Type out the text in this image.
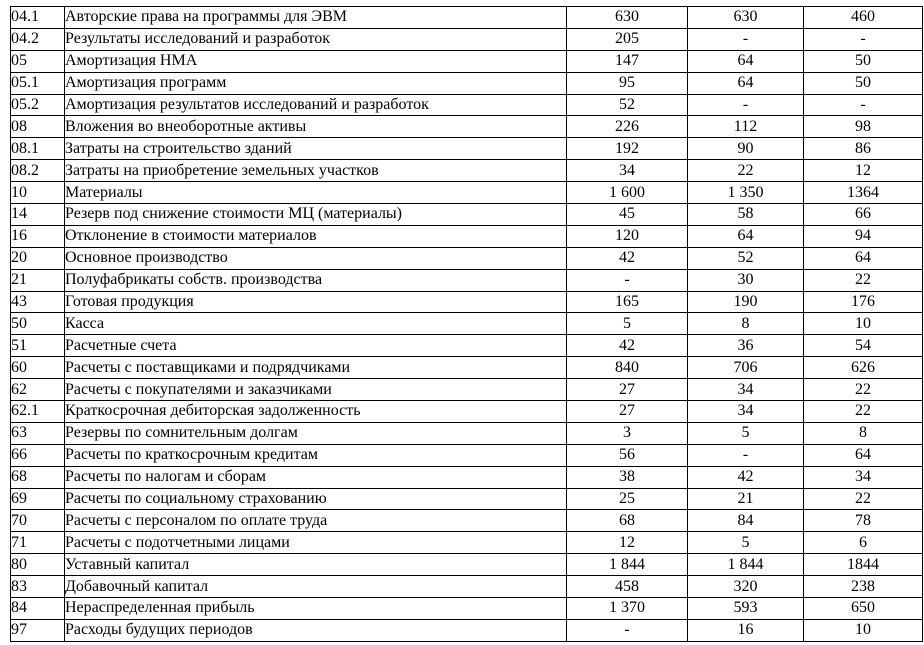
04.1	Авторские права на программы для ЭВМ	630	630	460
04.2	Результаты исследований и разработок	205	-	-
05	Амортизация НМА	147	64	50
05.1	Амортизация программ	95	64	50
05.2	Амортизация результатов исследований и разработок	52	-	-
08	Вложения во внеоборотные активы	226	112	98
08.1	Затраты на строительство зданий	192	90	86
08.2	Затраты на приобретение земельных участков	34	22	12
10	Материалы	1 600	1 350	1364
14	Резерв под снижение стоимости МЦ (материалы)	45	58	66
16	Отклонение в стоимости материалов	120	64	94
20	Основное производство	42	52	64
21	Полуфабрикаты собств. производства	-	30	22
43	Готовая продукция	165	190	176
50	Касса	5	8	10
51	Расчетные счета	42	36	54
60	Расчеты с поставщиками и подрядчиками	840	706	626
62	Расчеты с покупателями и заказчиками	27	34	22
62.1	Краткосрочная дебиторская задолженность	27	34	22
63	Резервы по сомнительным долгам	3	5	8
66	Расчеты по краткосрочным кредитам	56	-	64
68	Расчеты по налогам и сборам	38	42	34
69	Расчеты по социальному страхованию	25	21	22
70	Расчеты с персоналом по оплате труда	68	84	78
71	Расчеты с подотчетными лицами	12	5	6
80	Уставный капитал	1 844	1 844	1844
83	Добавочный капитал	458	320	238
84	Нераспределенная прибыль	1 370	593	650
97	Расходы будущих периодов	-	16	10
